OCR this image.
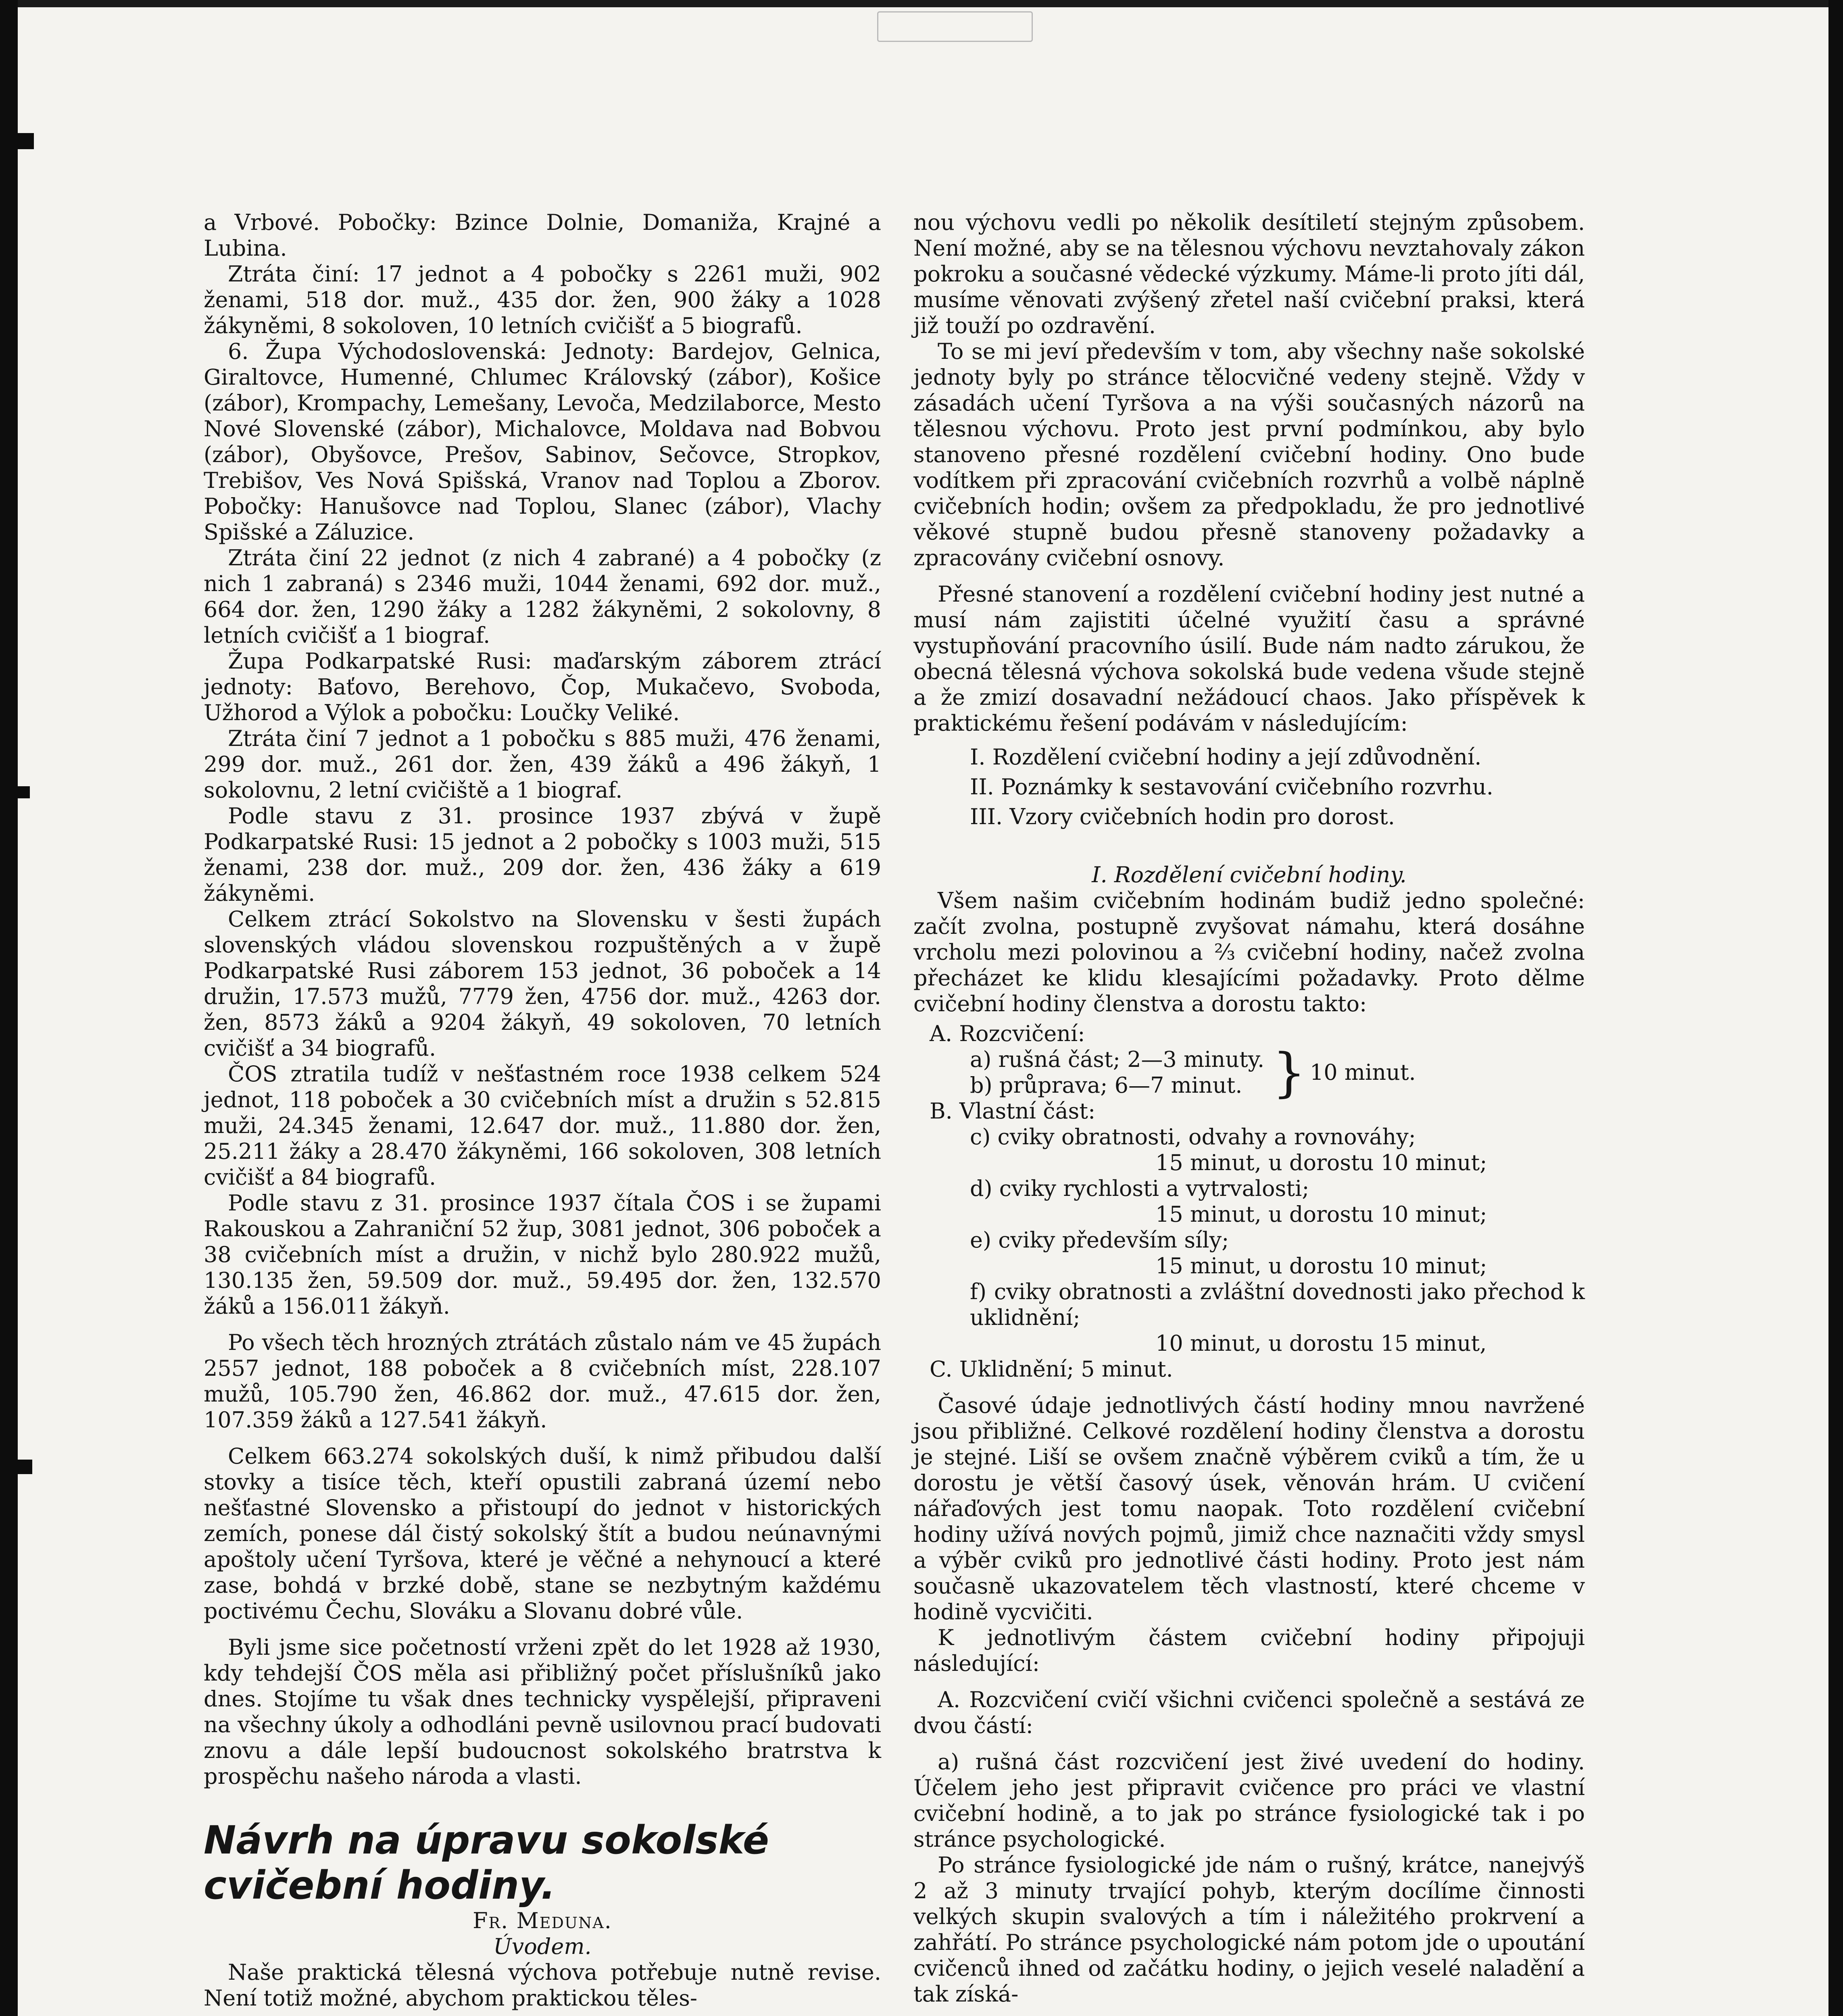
a Vrbové. Pobočky: Bzince Dolnie, Domaniža, Krajné a Lubina.

Ztráta činí: 17 jednot a 4 pobočky s 2261 muži, 902 ženami, 518 dor. muž., 435 dor. žen, 900 žáky a 1028 žákyněmi, 8 sokoloven, 10 letních cvičišť a 5 biografů.

6. Župa Východoslovenská: Jednoty: Bardejov, Gelnica, Giraltovce, Humenné, Chlumec Královský (zábor), Košice (zábor), Krompachy, Lemešany, Levoča, Medzilaborce, Mesto Nové Slovenské (zábor), Michalovce, Moldava nad Bobvou (zábor), Obyšovce, Prešov, Sabinov, Sečovce, Stropkov, Trebišov, Ves Nová Spišská, Vranov nad Toplou a Zborov. Pobočky: Hanušovce nad Toplou, Slanec (zábor), Vlachy Spišské a Záluzice.

Ztráta činí 22 jednot (z nich 4 zabrané) a 4 pobočky (z nich 1 zabraná) s 2346 muži, 1044 ženami, 692 dor. muž., 664 dor. žen, 1290 žáky a 1282 žákyněmi, 2 sokolovny, 8 letních cvičišť a 1 biograf.

Župa Podkarpatské Rusi: maďarským záborem ztrácí jednoty: Baťovo, Berehovo, Čop, Mukačevo, Svoboda, Užhorod a Výlok a pobočku: Loučky Veliké.

Ztráta činí 7 jednot a 1 pobočku s 885 muži, 476 ženami, 299 dor. muž., 261 dor. žen, 439 žáků a 496 žákyň, 1 sokolovnu, 2 letní cvičiště a 1 biograf.

Podle stavu z 31. prosince 1937 zbývá v župě Podkarpatské Rusi: 15 jednot a 2 pobočky s 1003 muži, 515 ženami, 238 dor. muž., 209 dor. žen, 436 žáky a 619 žákyněmi.

Celkem ztrácí Sokolstvo na Slovensku v šesti župách slovenských vládou slovenskou rozpuštěných a v župě Podkarpatské Rusi záborem 153 jednot, 36 poboček a 14 družin, 17.573 mužů, 7779 žen, 4756 dor. muž., 4263 dor. žen, 8573 žáků a 9204 žákyň, 49 sokoloven, 70 letních cvičišť a 34 biografů.

ČOS ztratila tudíž v nešťastném roce 1938 celkem 524 jednot, 118 poboček a 30 cvičebních míst a družin s 52.815 muži, 24.345 ženami, 12.647 dor. muž., 11.880 dor. žen, 25.211 žáky a 28.470 žákyněmi, 166 sokoloven, 308 letních cvičišť a 84 biografů.

Podle stavu z 31. prosince 1937 čítala ČOS i se župami Rakouskou a Zahraniční 52 žup, 3081 jednot, 306 poboček a 38 cvičebních míst a družin, v nichž bylo 280.922 mužů, 130.135 žen, 59.509 dor. muž., 59.495 dor. žen, 132.570 žáků a 156.011 žákyň.

Po všech těch hrozných ztrátách zůstalo nám ve 45 župách 2557 jednot, 188 poboček a 8 cvičebních míst, 228.107 mužů, 105.790 žen, 46.862 dor. muž., 47.615 dor. žen, 107.359 žáků a 127.541 žákyň.

Celkem 663.274 sokolských duší, k nimž přibudou další stovky a tisíce těch, kteří opustili zabraná území nebo nešťastné Slovensko a přistoupí do jednot v historických zemích, ponese dál čistý sokolský štít a budou neúnavnými apoštoly učení Tyršova, které je věčné a nehynoucí a které zase, bohdá v brzké době, stane se nezbytným každému poctivému Čechu, Slováku a Slovanu dobré vůle.

Byli jsme sice početností vrženi zpět do let 1928 až 1930, kdy tehdejší ČOS měla asi přibližný počet příslušníků jako dnes. Stojíme tu však dnes technicky vyspělejší, připraveni na všechny úkoly a odhodláni pevně usilovnou prací budovati znovu a dále lepší budoucnost sokolského bratrstva k prospěchu našeho národa a vlasti.

Návrh na úpravu sokolské
cvičební hodiny.

Fr. Meduna.

Úvodem.

Naše praktická tělesná výchova potřebuje nutně revise. Není totiž možné, abychom praktickou těles-

nou výchovu vedli po několik desítiletí stejným způsobem. Není možné, aby se na tělesnou výchovu nevztahovaly zákon pokroku a současné vědecké výzkumy. Máme-li proto jíti dál, musíme věnovati zvýšený zřetel naší cvičební praksi, která již touží po ozdravění.

To se mi jeví především v tom, aby všechny naše sokolské jednoty byly po stránce tělocvičné vedeny stejně. Vždy v zásadách učení Tyršova a na výši současných názorů na tělesnou výchovu. Proto jest první podmínkou, aby bylo stanoveno přesné rozdělení cvičební hodiny. Ono bude vodítkem při zpracování cvičebních rozvrhů a volbě náplně cvičebních hodin; ovšem za předpokladu, že pro jednotlivé věkové stupně budou přesně stanoveny požadavky a zpracovány cvičební osnovy.

Přesné stanovení a rozdělení cvičební hodiny jest nutné a musí nám zajistiti účelné využití času a správné vystupňování pracovního úsilí. Bude nám nadto zárukou, že obecná tělesná výchova sokolská bude vedena všude stejně a že zmizí dosavadní nežádoucí chaos. Jako příspěvek k praktickému řešení podávám v následujícím:

I. Rozdělení cvičební hodiny a její zdůvodnění.
II. Poznámky k sestavování cvičebního rozvrhu.
III. Vzory cvičebních hodin pro dorost.

I. Rozdělení cvičební hodiny.

Všem našim cvičebním hodinám budiž jedno společné: začít zvolna, postupně zvyšovat námahu, která dosáhne vrcholu mezi polovinou a ⅔ cvičební hodiny, načež zvolna přecházet ke klidu klesajícími požadavky. Proto dělme cvičební hodiny členstva a dorostu takto:

A. Rozcvičení:
a) rušná část; 2—3 minuty.
b) průprava; 6—7 minut. } 10 minut.
B. Vlastní část:
c) cviky obratnosti, odvahy a rovnováhy;
15 minut, u dorostu 10 minut;
d) cviky rychlosti a vytrvalosti;
15 minut, u dorostu 10 minut;
e) cviky především síly;
15 minut, u dorostu 10 minut;
f) cviky obratnosti a zvláštní dovednosti jako přechod k uklidnění;
10 minut, u dorostu 15 minut,
C. Uklidnění; 5 minut.

Časové údaje jednotlivých částí hodiny mnou navržené jsou přibližné. Celkové rozdělení hodiny členstva a dorostu je stejné. Liší se ovšem značně výběrem cviků a tím, že u dorostu je větší časový úsek, věnován hrám. U cvičení nářaďových jest tomu naopak. Toto rozdělení cvičební hodiny užívá nových pojmů, jimiž chce naznačiti vždy smysl a výběr cviků pro jednotlivé části hodiny. Proto jest nám současně ukazovatelem těch vlastností, které chceme v hodině vycvičiti.

K jednotlivým částem cvičební hodiny připojuji následující:

A. Rozcvičení cvičí všichni cvičenci společně a sestává ze dvou částí:

a) rušná část rozcvičení jest živé uvedení do hodiny. Účelem jeho jest připravit cvičence pro práci ve vlastní cvičební hodině, a to jak po stránce fysiologické tak i po stránce psychologické.

Po stránce fysiologické jde nám o rušný, krátce, nanejvýš 2 až 3 minuty trvající pohyb, kterým docílíme činnosti velkých skupin svalových a tím i náležitého prokrvení a zahřátí. Po stránce psychologické nám potom jde o upoutání cvičenců ihned od začátku hodiny, o jejich veselé naladění a tak získá-
